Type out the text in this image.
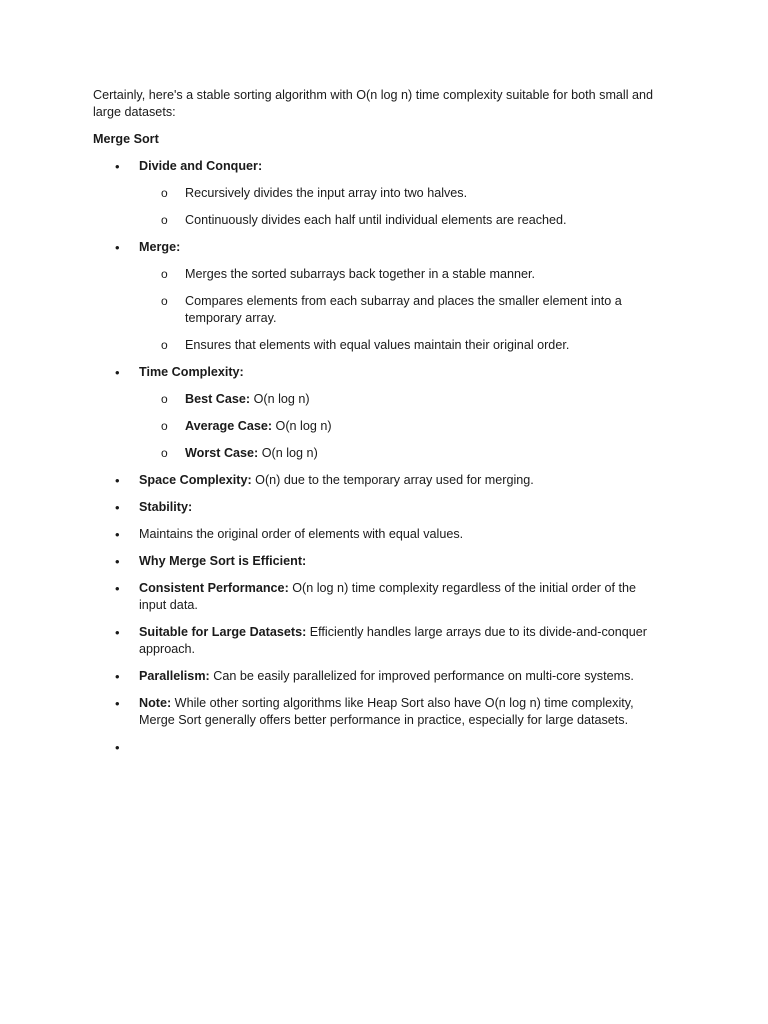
Certainly, here's a stable sorting algorithm with O(n log n) time complexity suitable for both small and large datasets:

Merge Sort

• Divide and Conquer:
o Recursively divides the input array into two halves.
o Continuously divides each half until individual elements are reached.
• Merge:
o Merges the sorted subarrays back together in a stable manner.
o Compares elements from each subarray and places the smaller element into a temporary array.
o Ensures that elements with equal values maintain their original order.
• Time Complexity:
o Best Case: O(n log n)
o Average Case: O(n log n)
o Worst Case: O(n log n)
• Space Complexity: O(n) due to the temporary array used for merging.
• Stability:
• Maintains the original order of elements with equal values.
• Why Merge Sort is Efficient:
• Consistent Performance: O(n log n) time complexity regardless of the initial order of the input data.
• Suitable for Large Datasets: Efficiently handles large arrays due to its divide-and-conquer approach.
• Parallelism: Can be easily parallelized for improved performance on multi-core systems.
• Note: While other sorting algorithms like Heap Sort also have O(n log n) time complexity, Merge Sort generally offers better performance in practice, especially for large datasets.
•
